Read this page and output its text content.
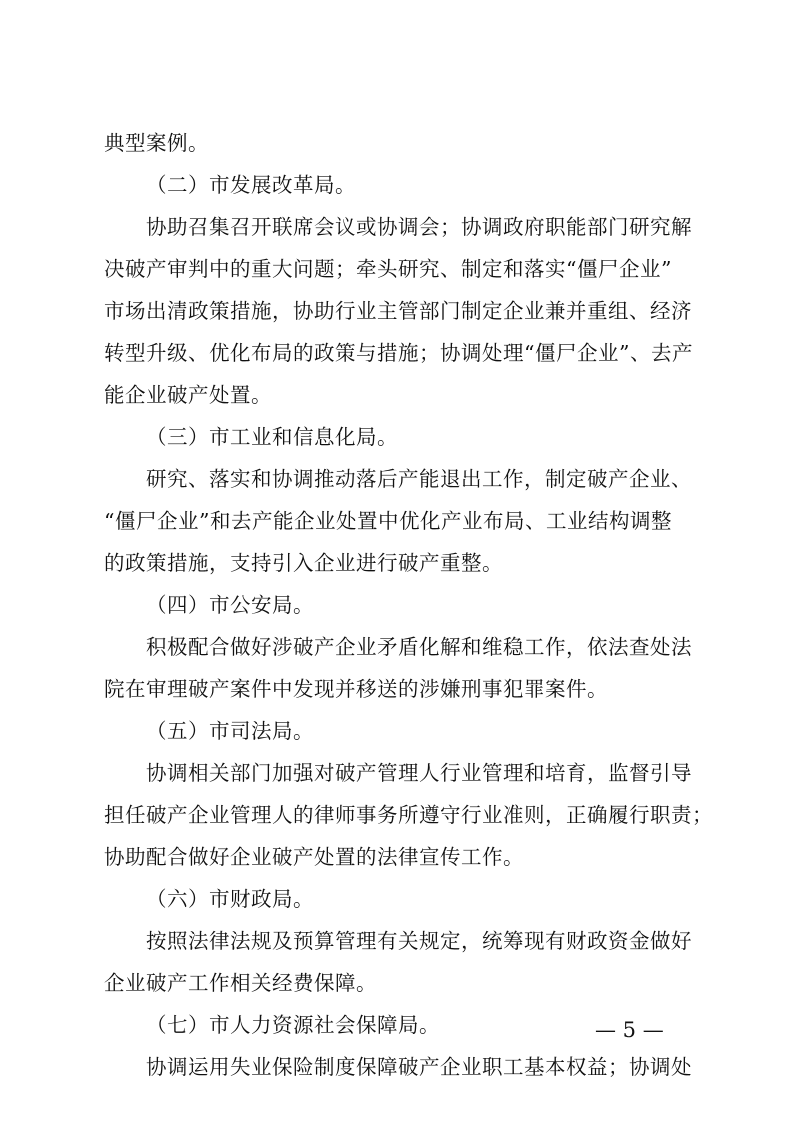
典型案例。
（二）市发展改革局。
协助召集召开联席会议或协调会；协调政府职能部门研究解
决破产审判中的重大问题；牵头研究、制定和落实“僵尸企业”
市场出清政策措施，协助行业主管部门制定企业兼并重组、经济
转型升级、优化布局的政策与措施；协调处理“僵尸企业”、去产
能企业破产处置。
（三）市工业和信息化局。
研究、落实和协调推动落后产能退出工作，制定破产企业、
“僵尸企业”和去产能企业处置中优化产业布局、工业结构调整
的政策措施，支持引入企业进行破产重整。
（四）市公安局。
积极配合做好涉破产企业矛盾化解和维稳工作，依法查处法
院在审理破产案件中发现并移送的涉嫌刑事犯罪案件。
（五）市司法局。
协调相关部门加强对破产管理人行业管理和培育，监督引导
担任破产企业管理人的律师事务所遵守行业准则，正确履行职责；
协助配合做好企业破产处置的法律宣传工作。
（六）市财政局。
按照法律法规及预算管理有关规定，统筹现有财政资金做好
企业破产工作相关经费保障。
（七）市人力资源社会保障局。
协调运用失业保险制度保障破产企业职工基本权益；协调处
— 5 —
